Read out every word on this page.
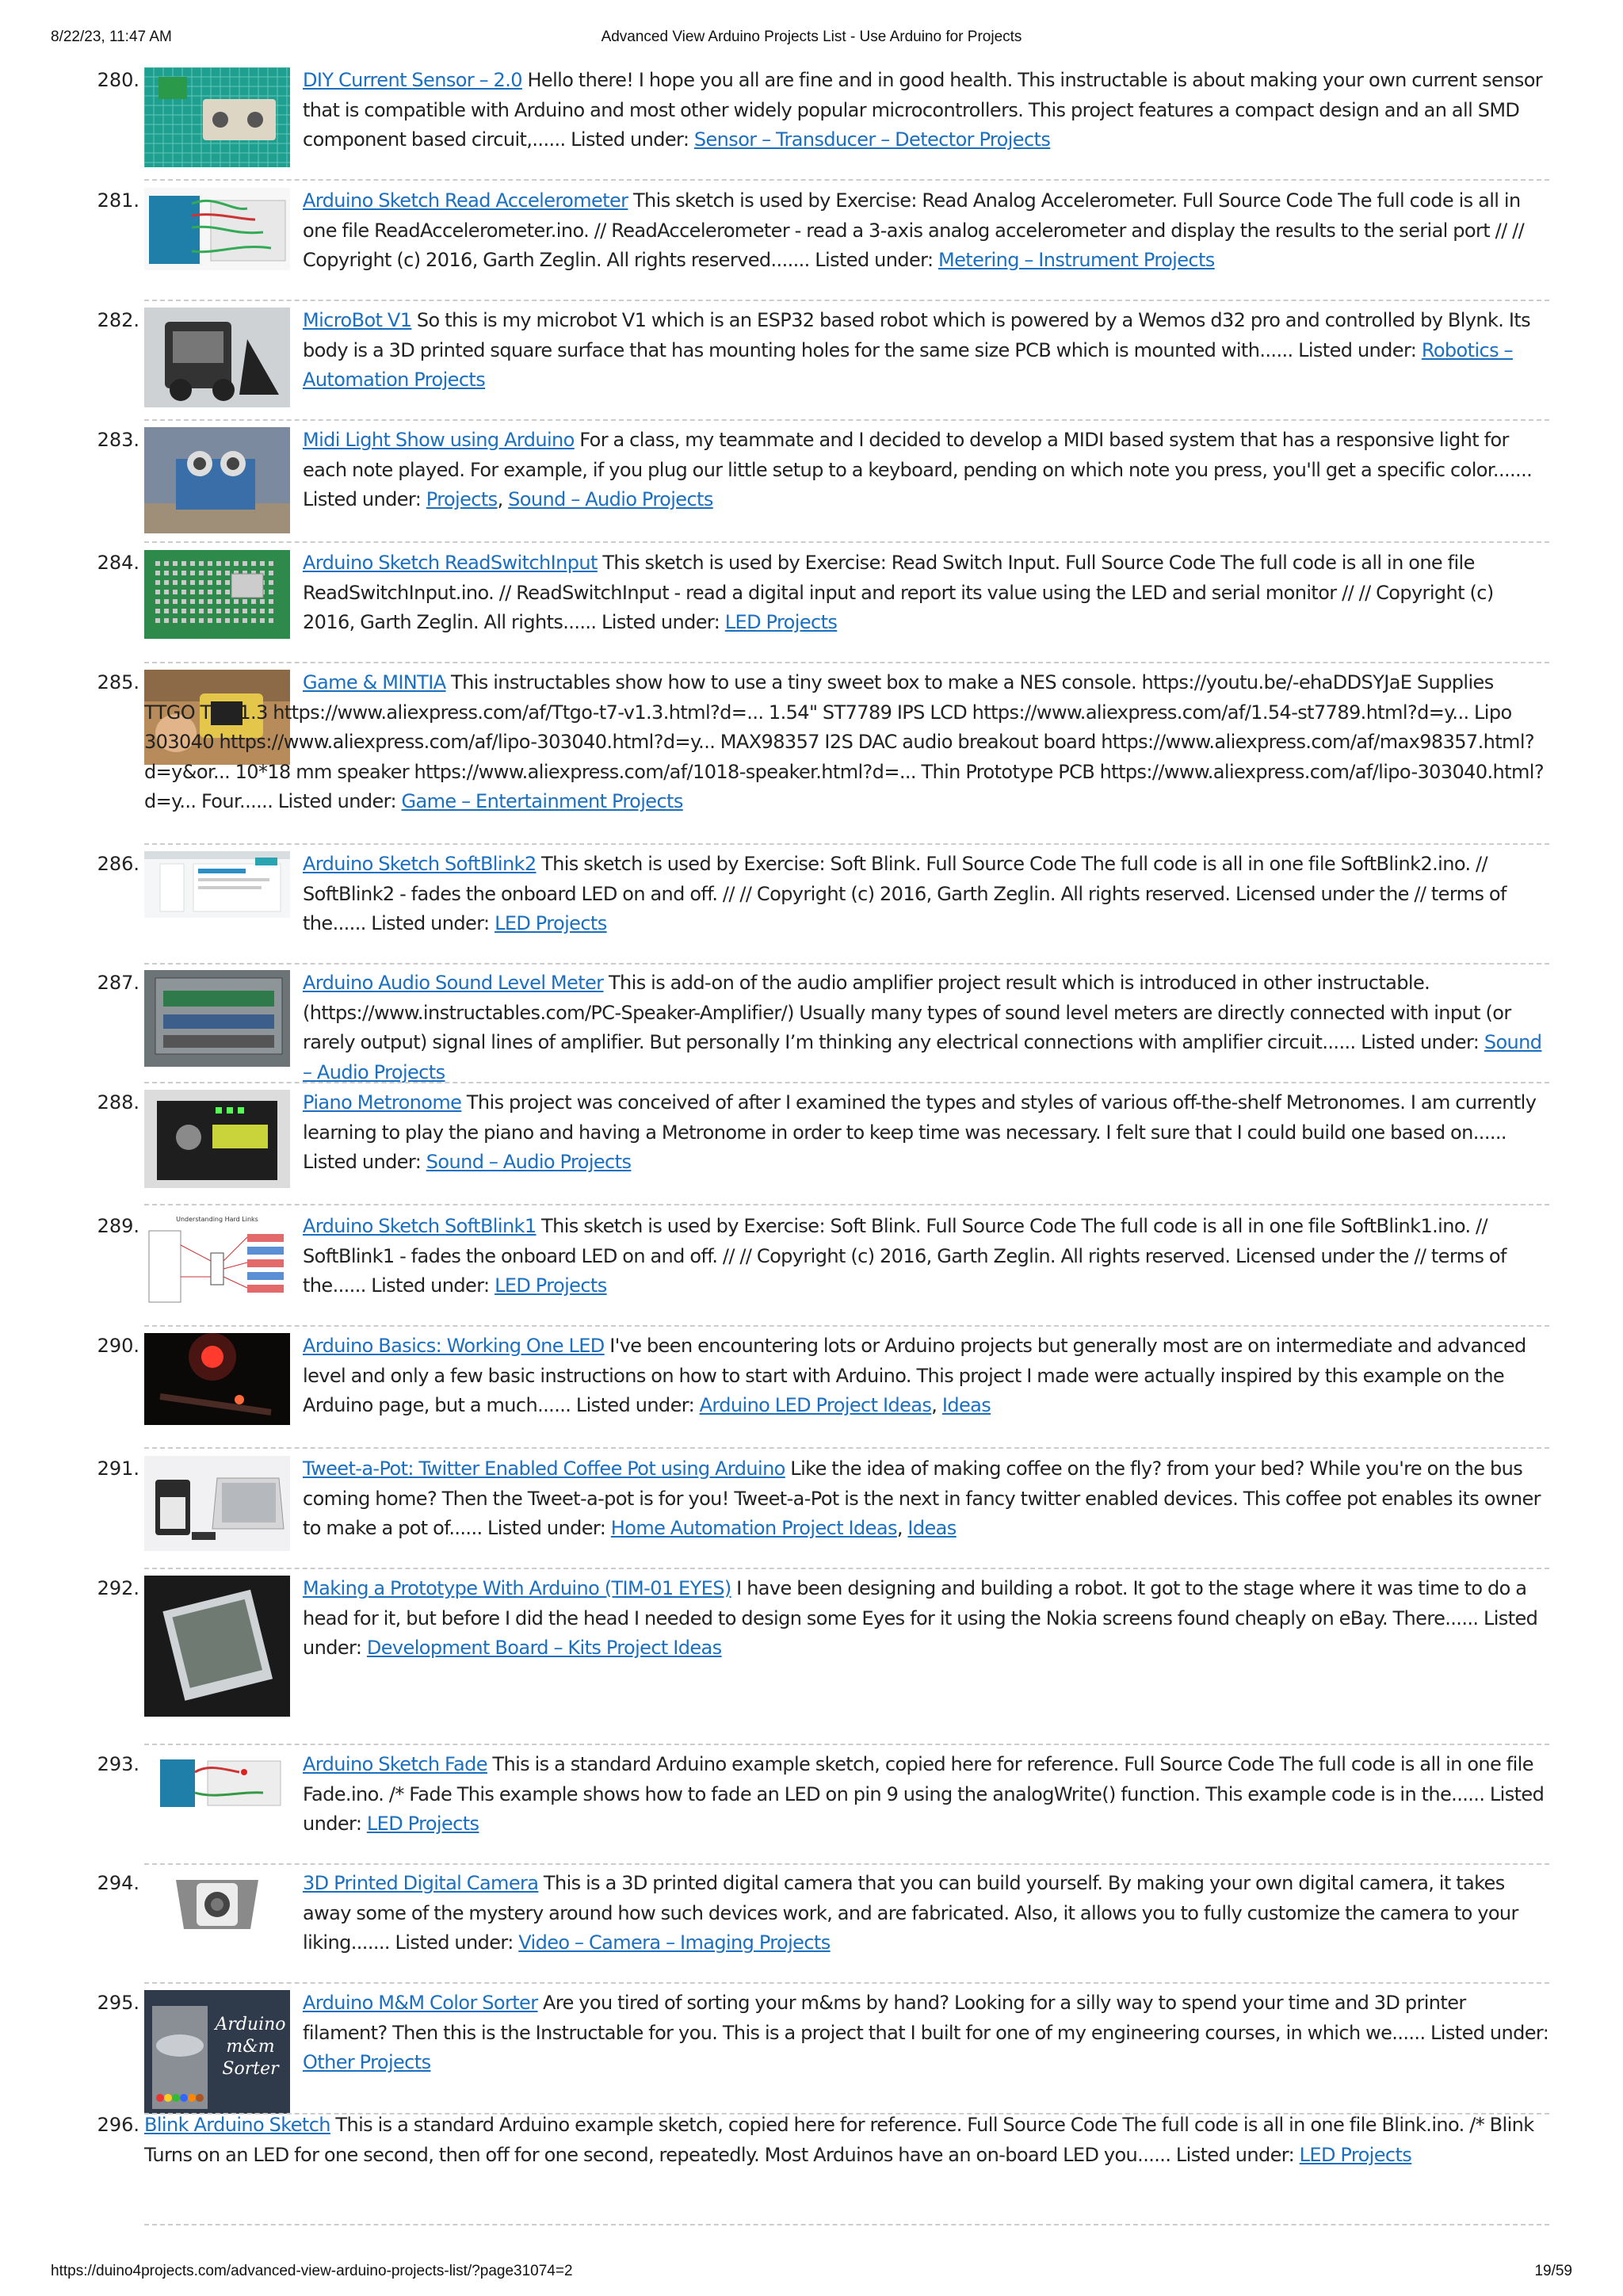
8/22/23, 11:47 AM	Advanced View Arduino Projects List - Use Arduino for Projects
280.	DIY Current Sensor – 2.0 Hello there! I hope you all are fine and in good health. This instructable is about making your own current sensor that is compatible with Arduino and most other widely popular microcontrollers. This project features a compact design and an all SMD component based circuit,...... Listed under: Sensor – Transducer – Detector Projects
281.	Arduino Sketch Read Accelerometer This sketch is used by Exercise: Read Analog Accelerometer. Full Source Code The full code is all in one file ReadAccelerometer.ino. // ReadAccelerometer - read a 3-axis analog accelerometer and display the results to the serial port // // Copyright (c) 2016, Garth Zeglin. All rights reserved....... Listed under: Metering – Instrument Projects
282.	MicroBot V1 So this is my microbot V1 which is an ESP32 based robot which is powered by a Wemos d32 pro and controlled by Blynk. Its body is a 3D printed square surface that has mounting holes for the same size PCB which is mounted with...... Listed under: Robotics – Automation Projects
283.	Midi Light Show using Arduino For a class, my teammate and I decided to develop a MIDI based system that has a responsive light for each note played. For example, if you plug our little setup to a keyboard, pending on which note you press, you'll get a specific color....... Listed under: Projects, Sound – Audio Projects
284.	Arduino Sketch ReadSwitchInput This sketch is used by Exercise: Read Switch Input. Full Source Code The full code is all in one file ReadSwitchInput.ino. // ReadSwitchInput - read a digital input and report its value using the LED and serial monitor // // Copyright (c) 2016, Garth Zeglin. All rights...... Listed under: LED Projects
285.	Game & MINTIA This instructables show how to use a tiny sweet box to make a NES console. https://youtu.be/-ehaDDSYJaE Supplies TTGO T7 v1.3 https://www.aliexpress.com/af/Ttgo-t7-v1.3.html?d=... 1.54" ST7789 IPS LCD https://www.aliexpress.com/af/1.54-st7789.html?d=y... Lipo 303040 https://www.aliexpress.com/af/lipo-303040.html?d=y... MAX98357 I2S DAC audio breakout board https://www.aliexpress.com/af/max98357.html?d=y&or... 10*18 mm speaker https://www.aliexpress.com/af/1018-speaker.html?d=... Thin Prototype PCB https://www.aliexpress.com/af/lipo-303040.html?d=y... Four...... Listed under: Game – Entertainment Projects
286.	Arduino Sketch SoftBlink2 This sketch is used by Exercise: Soft Blink. Full Source Code The full code is all in one file SoftBlink2.ino. // SoftBlink2 - fades the onboard LED on and off. // // Copyright (c) 2016, Garth Zeglin. All rights reserved. Licensed under the // terms of the...... Listed under: LED Projects
287.	Arduino Audio Sound Level Meter This is add-on of the audio amplifier project result which is introduced in other instructable. (https://www.instructables.com/PC-Speaker-Amplifier/) Usually many types of sound level meters are directly connected with input (or rarely output) signal lines of amplifier. But personally I’m thinking any electrical connections with amplifier circuit...... Listed under: Sound – Audio Projects
288.	Piano Metronome This project was conceived of after I examined the types and styles of various off-the-shelf Metronomes. I am currently learning to play the piano and having a Metronome in order to keep time was necessary. I felt sure that I could build one based on...... Listed under: Sound – Audio Projects
289.	Understanding Hard Links Arduino Sketch SoftBlink1 This sketch is used by Exercise: Soft Blink. Full Source Code The full code is all in one file SoftBlink1.ino. // SoftBlink1 - fades the onboard LED on and off. // // Copyright (c) 2016, Garth Zeglin. All rights reserved. Licensed under the // terms of the...... Listed under: LED Projects
290.	Arduino Basics: Working One LED I've been encountering lots or Arduino projects but generally most are on intermediate and advanced level and only a few basic instructions on how to start with Arduino. This project I made were actually inspired by this example on the Arduino page, but a much...... Listed under: Arduino LED Project Ideas, Ideas
291.	Tweet-a-Pot: Twitter Enabled Coffee Pot using Arduino Like the idea of making coffee on the fly? from your bed? While you're on the bus coming home? Then the Tweet-a-pot is for you! Tweet-a-Pot is the next in fancy twitter enabled devices. This coffee pot enables its owner to make a pot of...... Listed under: Home Automation Project Ideas, Ideas
292.	Making a Prototype With Arduino (TIM-01 EYES) I have been designing and building a robot. It got to the stage where it was time to do a head for it, but before I did the head I needed to design some Eyes for it using the Nokia screens found cheaply on eBay. There...... Listed under: Development Board – Kits Project Ideas
293.	Arduino Sketch Fade This is a standard Arduino example sketch, copied here for reference. Full Source Code The full code is all in one file Fade.ino. /* Fade This example shows how to fade an LED on pin 9 using the analogWrite() function. This example code is in the...... Listed under: LED Projects
294.	3D Printed Digital Camera This is a 3D printed digital camera that you can build yourself. By making your own digital camera, it takes away some of the mystery around how such devices work, and are fabricated. Also, it allows you to fully customize the camera to your liking....... Listed under: Video – Camera – Imaging Projects
295.
Arduino
m&m
Sorter
Arduino M&M Color Sorter Are you tired of sorting your m&ms by hand? Looking for a silly way to spend your time and 3D printer filament? Then this is the Instructable for you. This is a project that I built for one of my engineering courses, in which we...... Listed under: Other Projects
296. Blink Arduino Sketch This is a standard Arduino example sketch, copied here for reference. Full Source Code The full code is all in one file Blink.ino. /* Blink Turns on an LED for one second, then off for one second, repeatedly. Most Arduinos have an on-board LED you...... Listed under: LED Projects
https://duino4projects.com/advanced-view-arduino-projects-list/?page31074=2	19/59
